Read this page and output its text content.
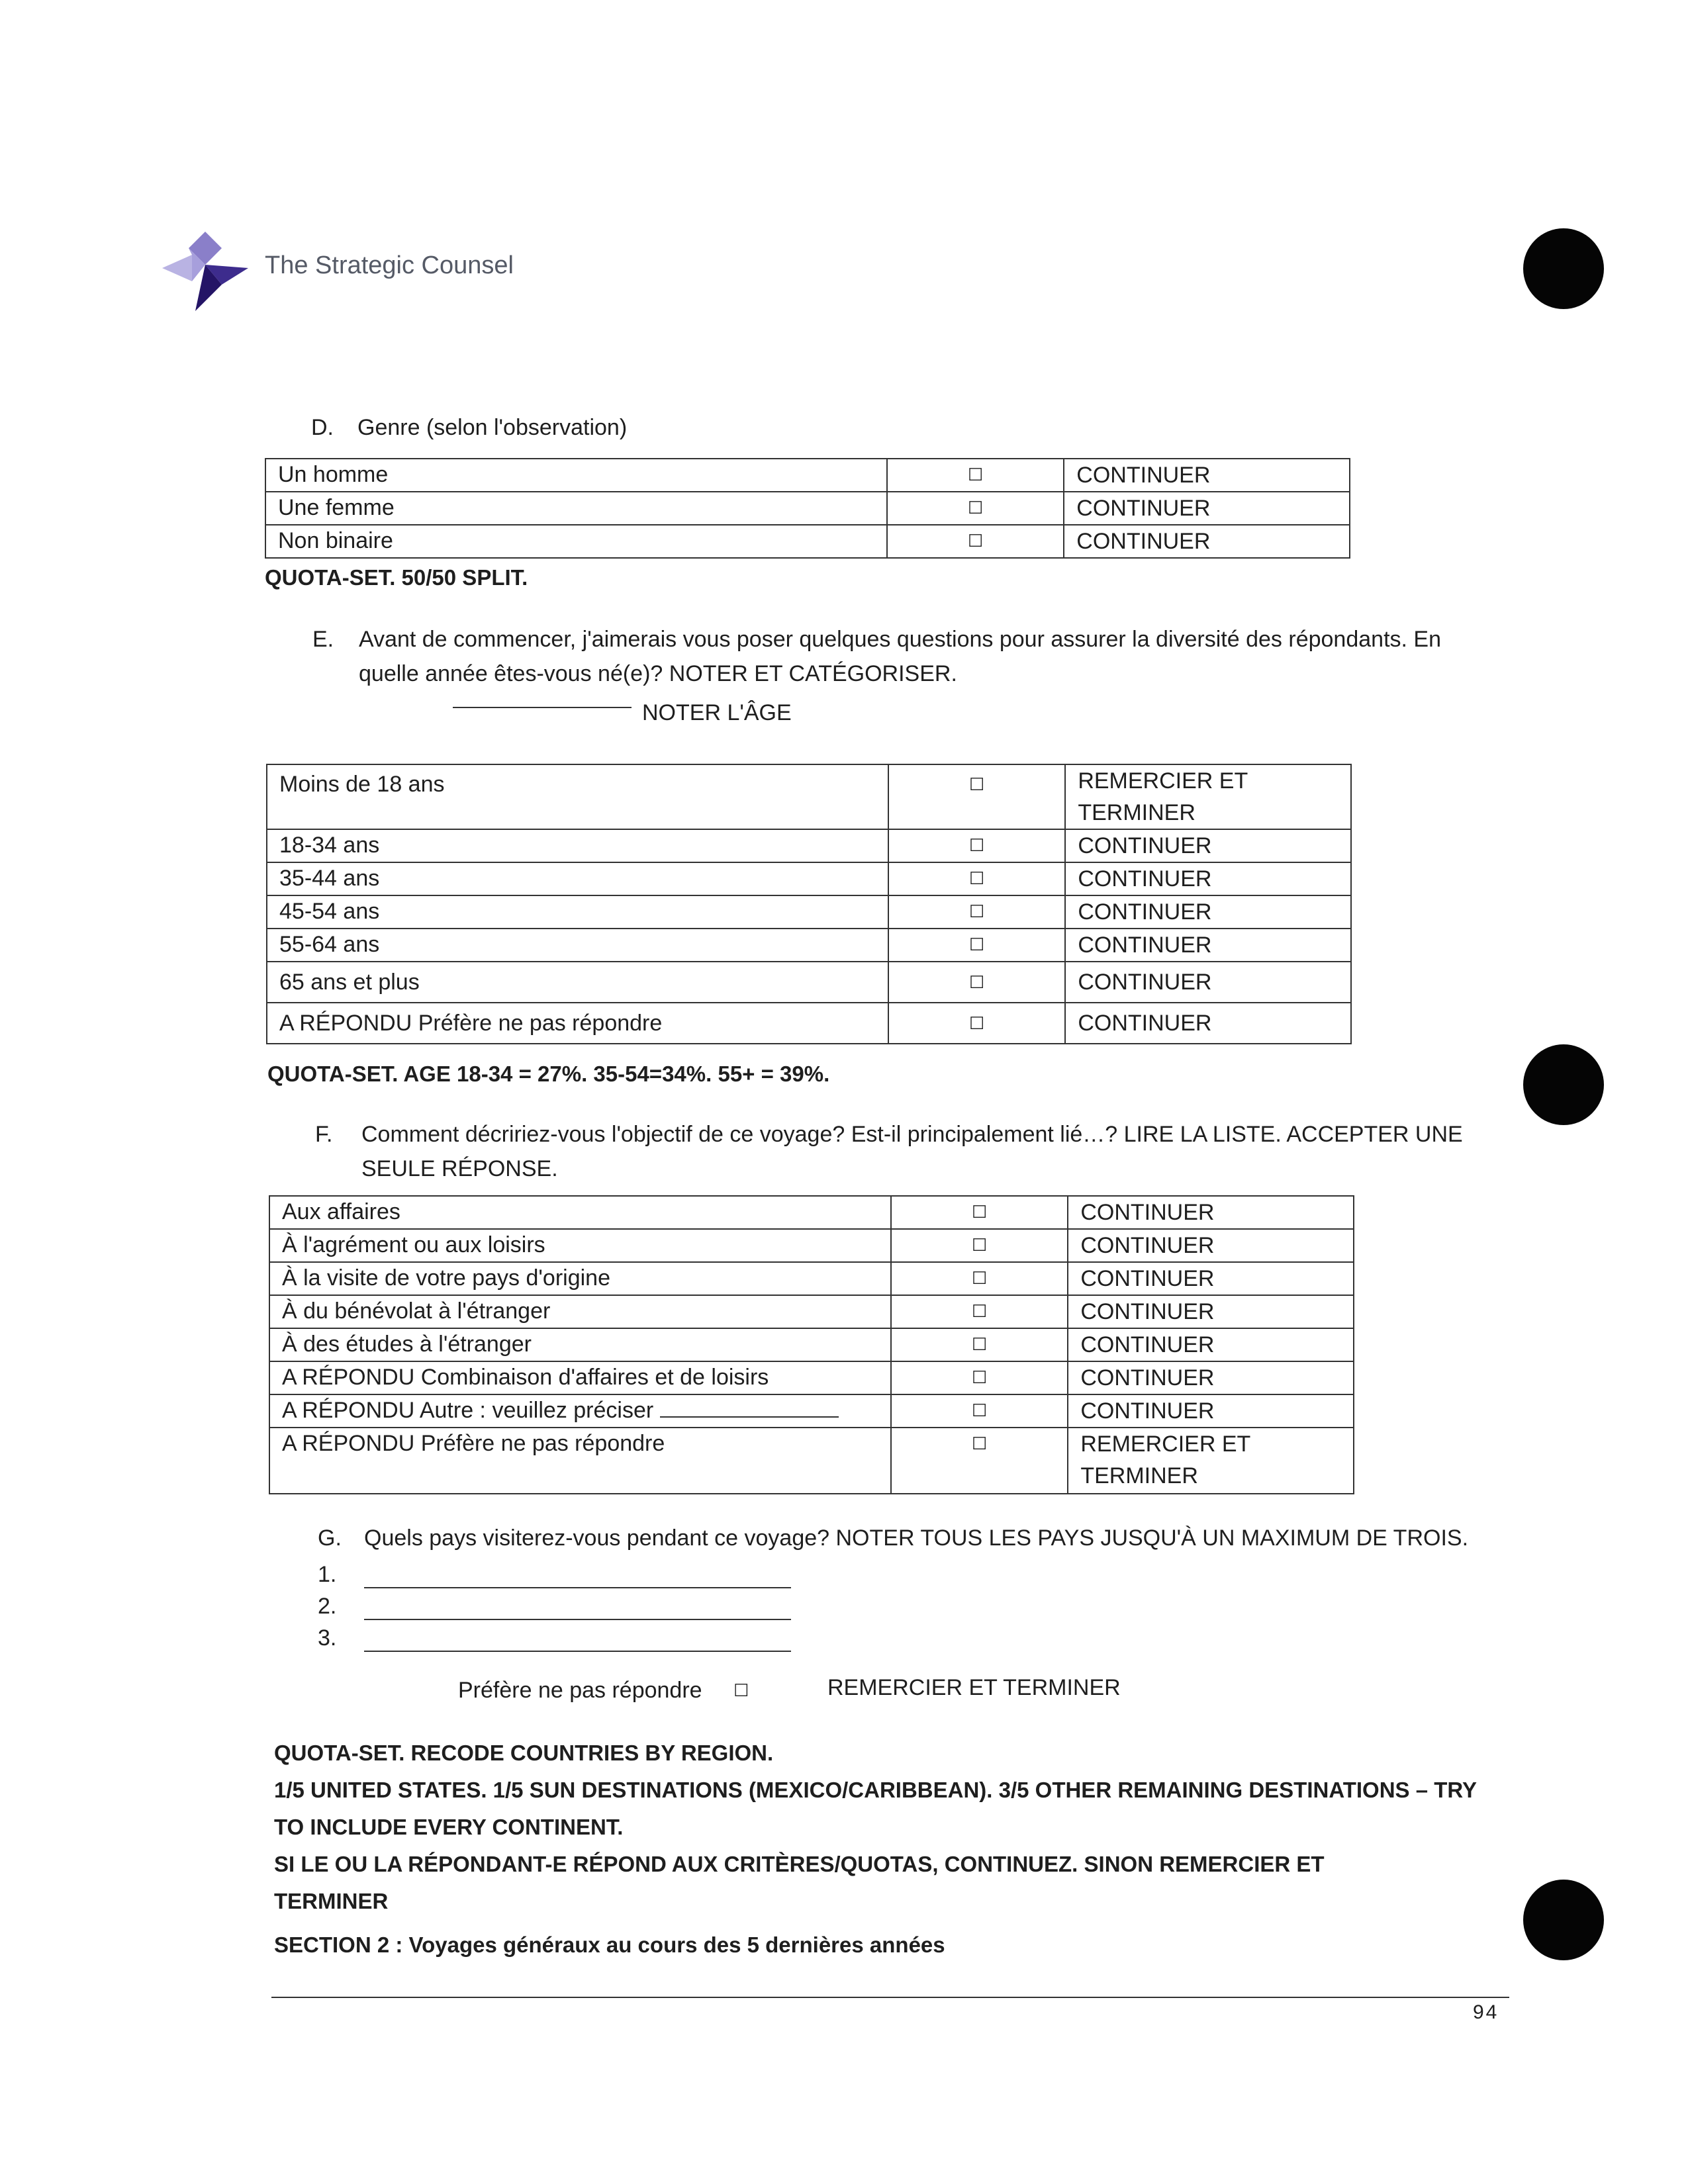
The Strategic Counsel
D. Genre (selon l'observation)
Un homme	☐	CONTINUER
Une femme	☐	CONTINUER
Non binaire	☐	CONTINUER
QUOTA-SET. 50/50 SPLIT.
E. Avant de commencer, j'aimerais vous poser quelques questions pour assurer la diversité des répondants. En quelle année êtes-vous né(e)? NOTER ET CATÉGORISER.
NOTER L'ÂGE
Moins de 18 ans	☐	REMERCIER ET TERMINER
18-34 ans	☐	CONTINUER
35-44 ans	☐	CONTINUER
45-54 ans	☐	CONTINUER
55-64 ans	☐	CONTINUER
65 ans et plus	☐	CONTINUER
A RÉPONDU Préfère ne pas répondre	☐	CONTINUER
QUOTA-SET. AGE 18-34 = 27%. 35-54=34%. 55+ = 39%.
F. Comment décririez-vous l'objectif de ce voyage? Est-il principalement lié…? LIRE LA LISTE. ACCEPTER UNE SEULE RÉPONSE.
Aux affaires	☐	CONTINUER
À l'agrément ou aux loisirs	☐	CONTINUER
À la visite de votre pays d'origine	☐	CONTINUER
À du bénévolat à l'étranger	☐	CONTINUER
À des études à l'étranger	☐	CONTINUER
A RÉPONDU Combinaison d'affaires et de loisirs	☐	CONTINUER
A RÉPONDU Autre : veuillez préciser	☐	CONTINUER
A RÉPONDU Préfère ne pas répondre	☐	REMERCIER ET TERMINER
G. Quels pays visiterez-vous pendant ce voyage? NOTER TOUS LES PAYS JUSQU'À UN MAXIMUM DE TROIS.
1.
2.
3.
Préfère ne pas répondre ☐	REMERCIER ET TERMINER
QUOTA-SET. RECODE COUNTRIES BY REGION.
1/5 UNITED STATES. 1/5 SUN DESTINATIONS (MEXICO/CARIBBEAN). 3/5 OTHER REMAINING DESTINATIONS – TRY
TO INCLUDE EVERY CONTINENT.
SI LE OU LA RÉPONDANT-E RÉPOND AUX CRITÈRES/QUOTAS, CONTINUEZ. SINON REMERCIER ET
TERMINER
SECTION 2 : Voyages généraux au cours des 5 dernières années
94
